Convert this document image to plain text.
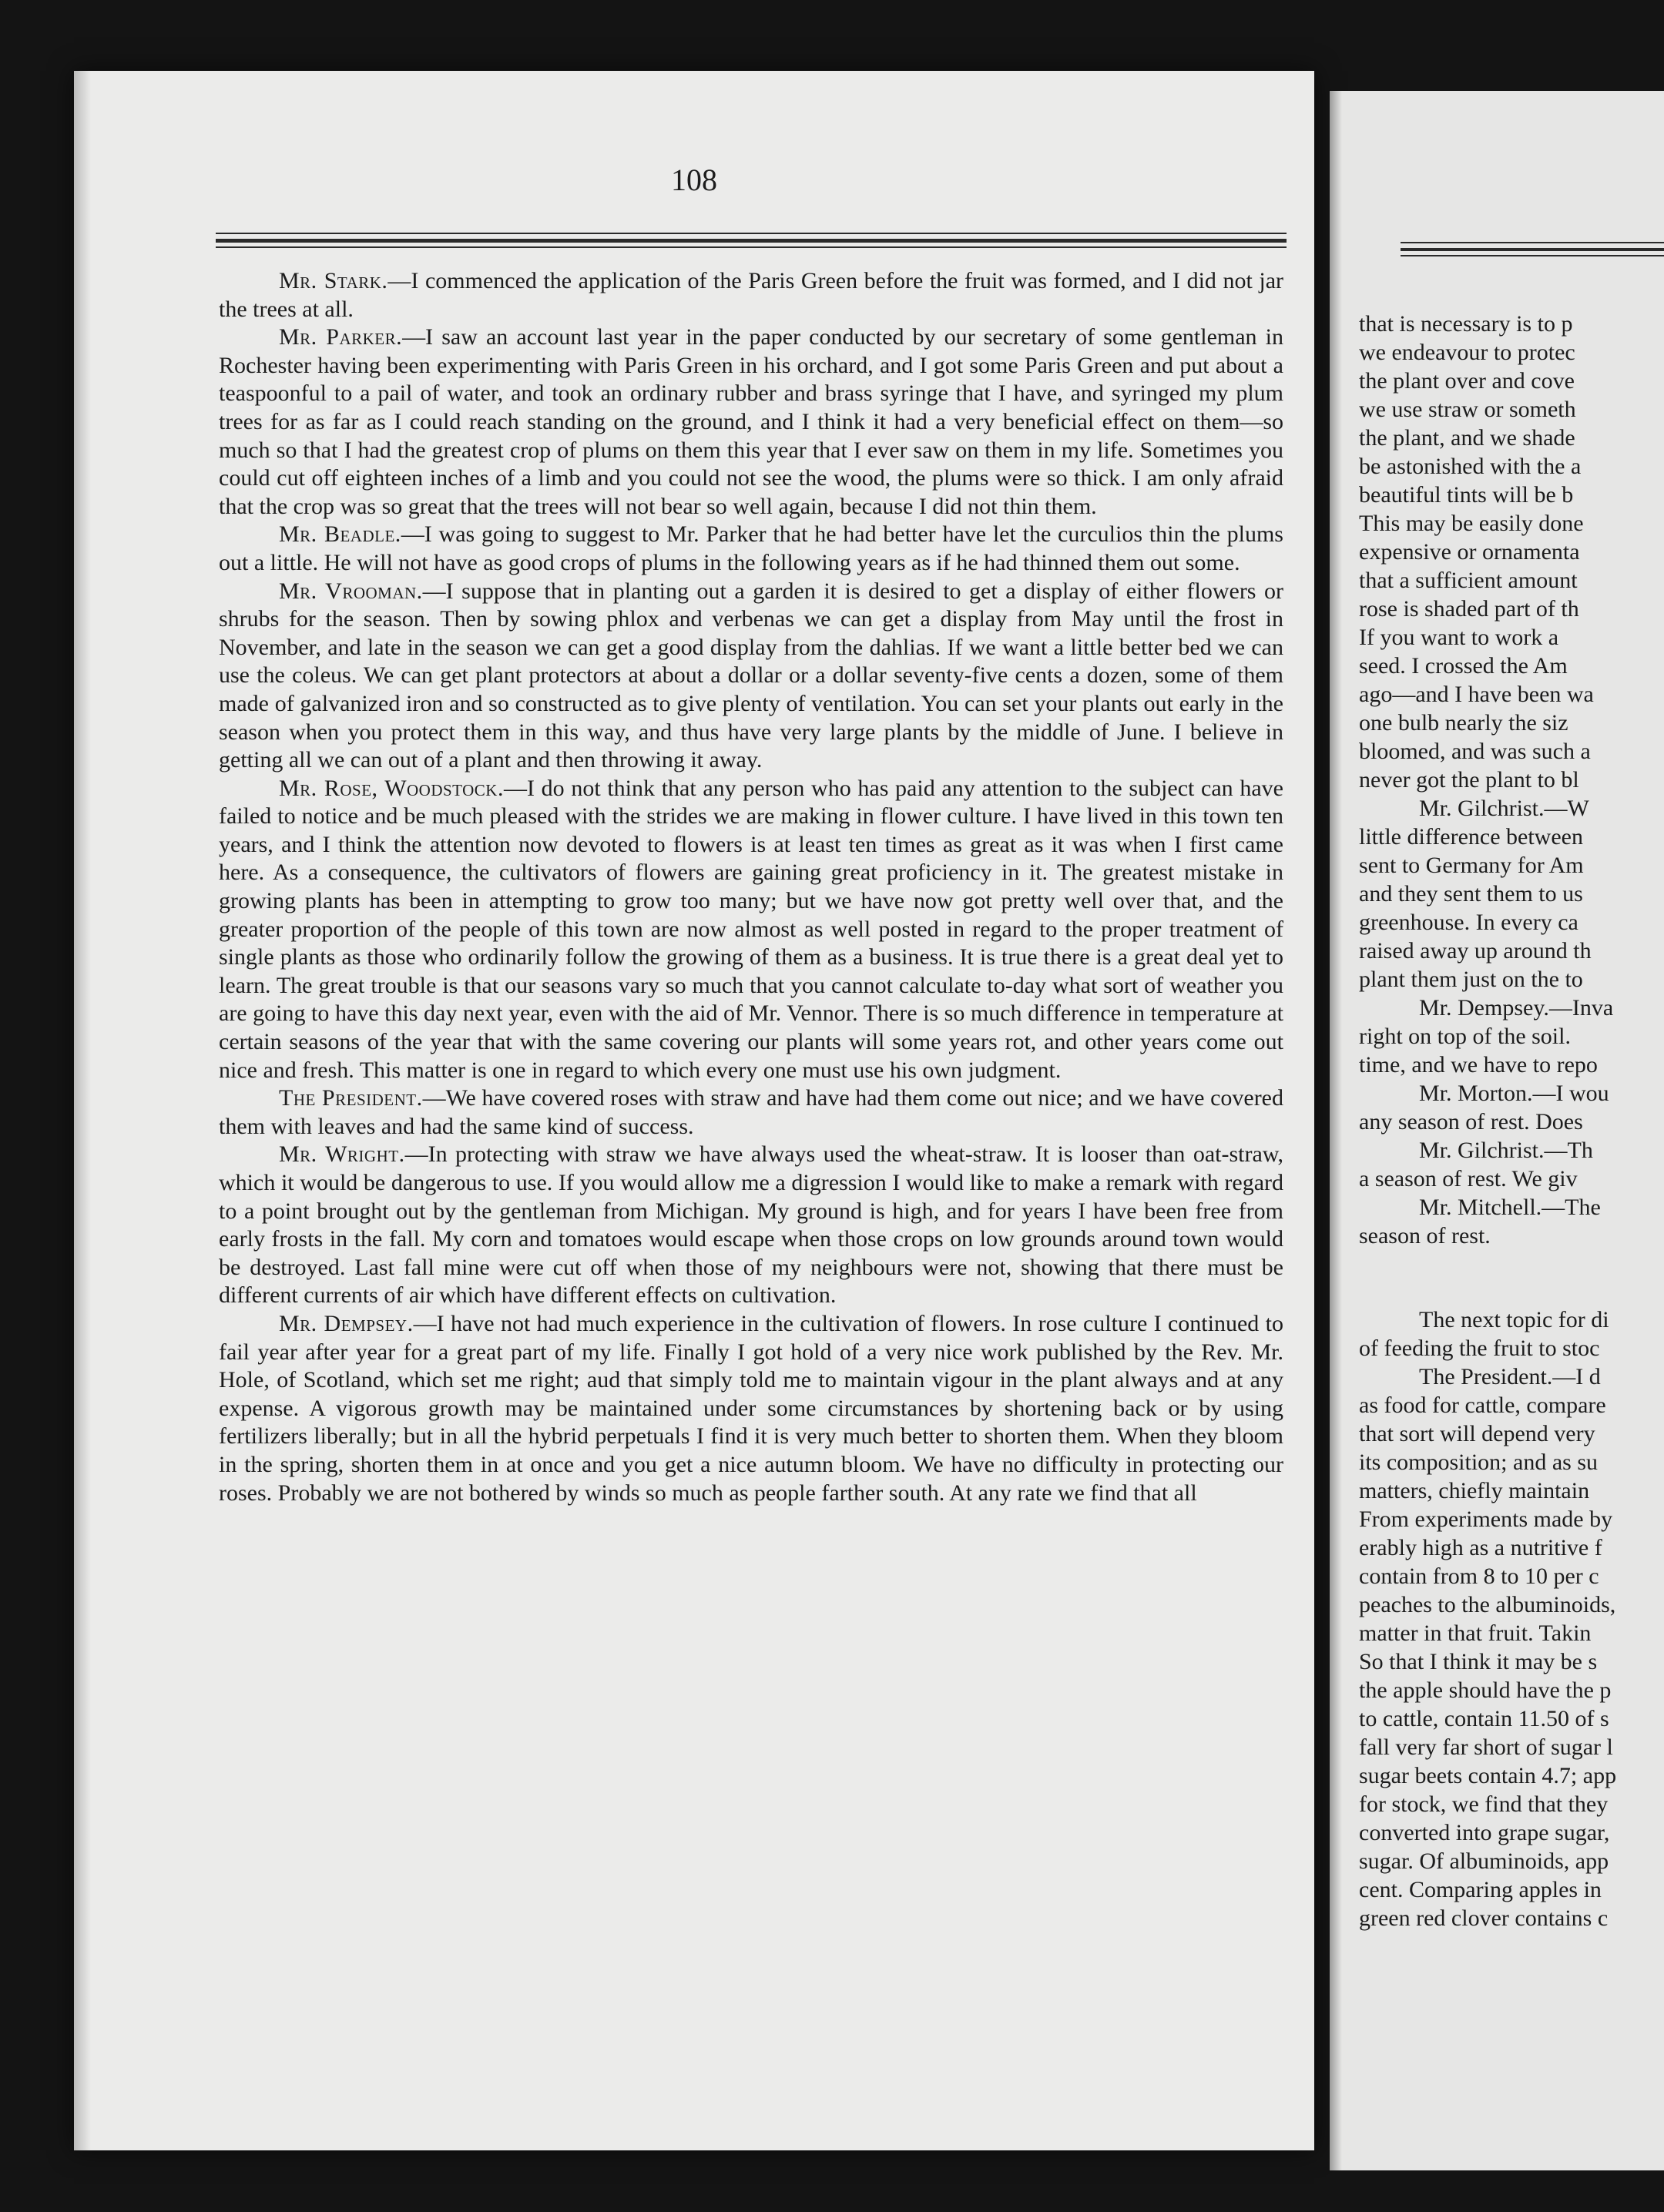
108

Mr. Stark.—I commenced the application of the Paris Green before the fruit was formed, and I did not jar the trees at all.

Mr. Parker.—I saw an account last year in the paper conducted by our secretary of some gentleman in Rochester having been experimenting with Paris Green in his orchard, and I got some Paris Green and put about a teaspoonful to a pail of water, and took an ordinary rubber and brass syringe that I have, and syringed my plum trees for as far as I could reach standing on the ground, and I think it had a very beneficial effect on them—so much so that I had the greatest crop of plums on them this year that I ever saw on them in my life. Sometimes you could cut off eighteen inches of a limb and you could not see the wood, the plums were so thick. I am only afraid that the crop was so great that the trees will not bear so well again, because I did not thin them.

Mr. Beadle.—I was going to suggest to Mr. Parker that he had better have let the curculios thin the plums out a little. He will not have as good crops of plums in the following years as if he had thinned them out some.

Mr. Vrooman.—I suppose that in planting out a garden it is desired to get a display of either flowers or shrubs for the season. Then by sowing phlox and verbenas we can get a display from May until the frost in November, and late in the season we can get a good display from the dahlias. If we want a little better bed we can use the coleus. We can get plant protectors at about a dollar or a dollar seventy-five cents a dozen, some of them made of galvanized iron and so constructed as to give plenty of ventilation. You can set your plants out early in the season when you protect them in this way, and thus have very large plants by the middle of June. I believe in getting all we can out of a plant and then throwing it away.

Mr. Rose, Woodstock.—I do not think that any person who has paid any attention to the subject can have failed to notice and be much pleased with the strides we are making in flower culture. I have lived in this town ten years, and I think the attention now devoted to flowers is at least ten times as great as it was when I first came here. As a consequence, the cultivators of flowers are gaining great proficiency in it. The greatest mistake in growing plants has been in attempting to grow too many; but we have now got pretty well over that, and the greater proportion of the people of this town are now almost as well posted in regard to the proper treatment of single plants as those who ordinarily follow the growing of them as a business. It is true there is a great deal yet to learn. The great trouble is that our seasons vary so much that you cannot calculate to-day what sort of weather you are going to have this day next year, even with the aid of Mr. Vennor. There is so much difference in temperature at certain seasons of the year that with the same covering our plants will some years rot, and other years come out nice and fresh. This matter is one in regard to which every one must use his own judgment.

The President.—We have covered roses with straw and have had them come out nice; and we have covered them with leaves and had the same kind of success.

Mr. Wright.—In protecting with straw we have always used the wheat-straw. It is looser than oat-straw, which it would be dangerous to use. If you would allow me a digression I would like to make a remark with regard to a point brought out by the gentleman from Michigan. My ground is high, and for years I have been free from early frosts in the fall. My corn and tomatoes would escape when those crops on low grounds around town would be destroyed. Last fall mine were cut off when those of my neighbours were not, showing that there must be different currents of air which have different effects on cultivation.

Mr. Dempsey.—I have not had much experience in the cultivation of flowers. In rose culture I continued to fail year after year for a great part of my life. Finally I got hold of a very nice work published by the Rev. Mr. Hole, of Scotland, which set me right; aud that simply told me to maintain vigour in the plant always and at any expense. A vigorous growth may be maintained under some circumstances by shortening back or by using fertilizers liberally; but in all the hybrid perpetuals I find it is very much better to shorten them. When they bloom in the spring, shorten them in at once and you get a nice autumn bloom. We have no difficulty in protecting our roses. Probably we are not bothered by winds so much as people farther south. At any rate we find that all

that is necessary is to p
we endeavour to protec
the plant over and cove
we use straw or someth
the plant, and we shade
be astonished with the a
beautiful tints will be b
This may be easily done
expensive or ornamenta
that a sufficient amount
rose is shaded part of th
If you want to work a
seed. I crossed the Am
ago—and I have been wa
one bulb nearly the siz
bloomed, and was such a
never got the plant to bl
Mr. Gilchrist.—W
little difference between
sent to Germany for Am
and they sent them to us
greenhouse. In every ca
raised away up around th
plant them just on the to
Mr. Dempsey.—Inva
right on top of the soil.
time, and we have to repo
Mr. Morton.—I wou
any season of rest. Does
Mr. Gilchrist.—Th
a season of rest. We giv
Mr. Mitchell.—The
season of rest.
The next topic for di
of feeding the fruit to stoc
The President.—I d
as food for cattle, compare
that sort will depend very
its composition; and as su
matters, chiefly maintain
From experiments made by
erably high as a nutritive f
contain from 8 to 10 per c
peaches to the albuminoids,
matter in that fruit. Takin
So that I think it may be s
the apple should have the p
to cattle, contain 11.50 of s
fall very far short of sugar l
sugar beets contain 4.7; app
for stock, we find that they
converted into grape sugar,
sugar. Of albuminoids, app
cent. Comparing apples in
green red clover contains c
